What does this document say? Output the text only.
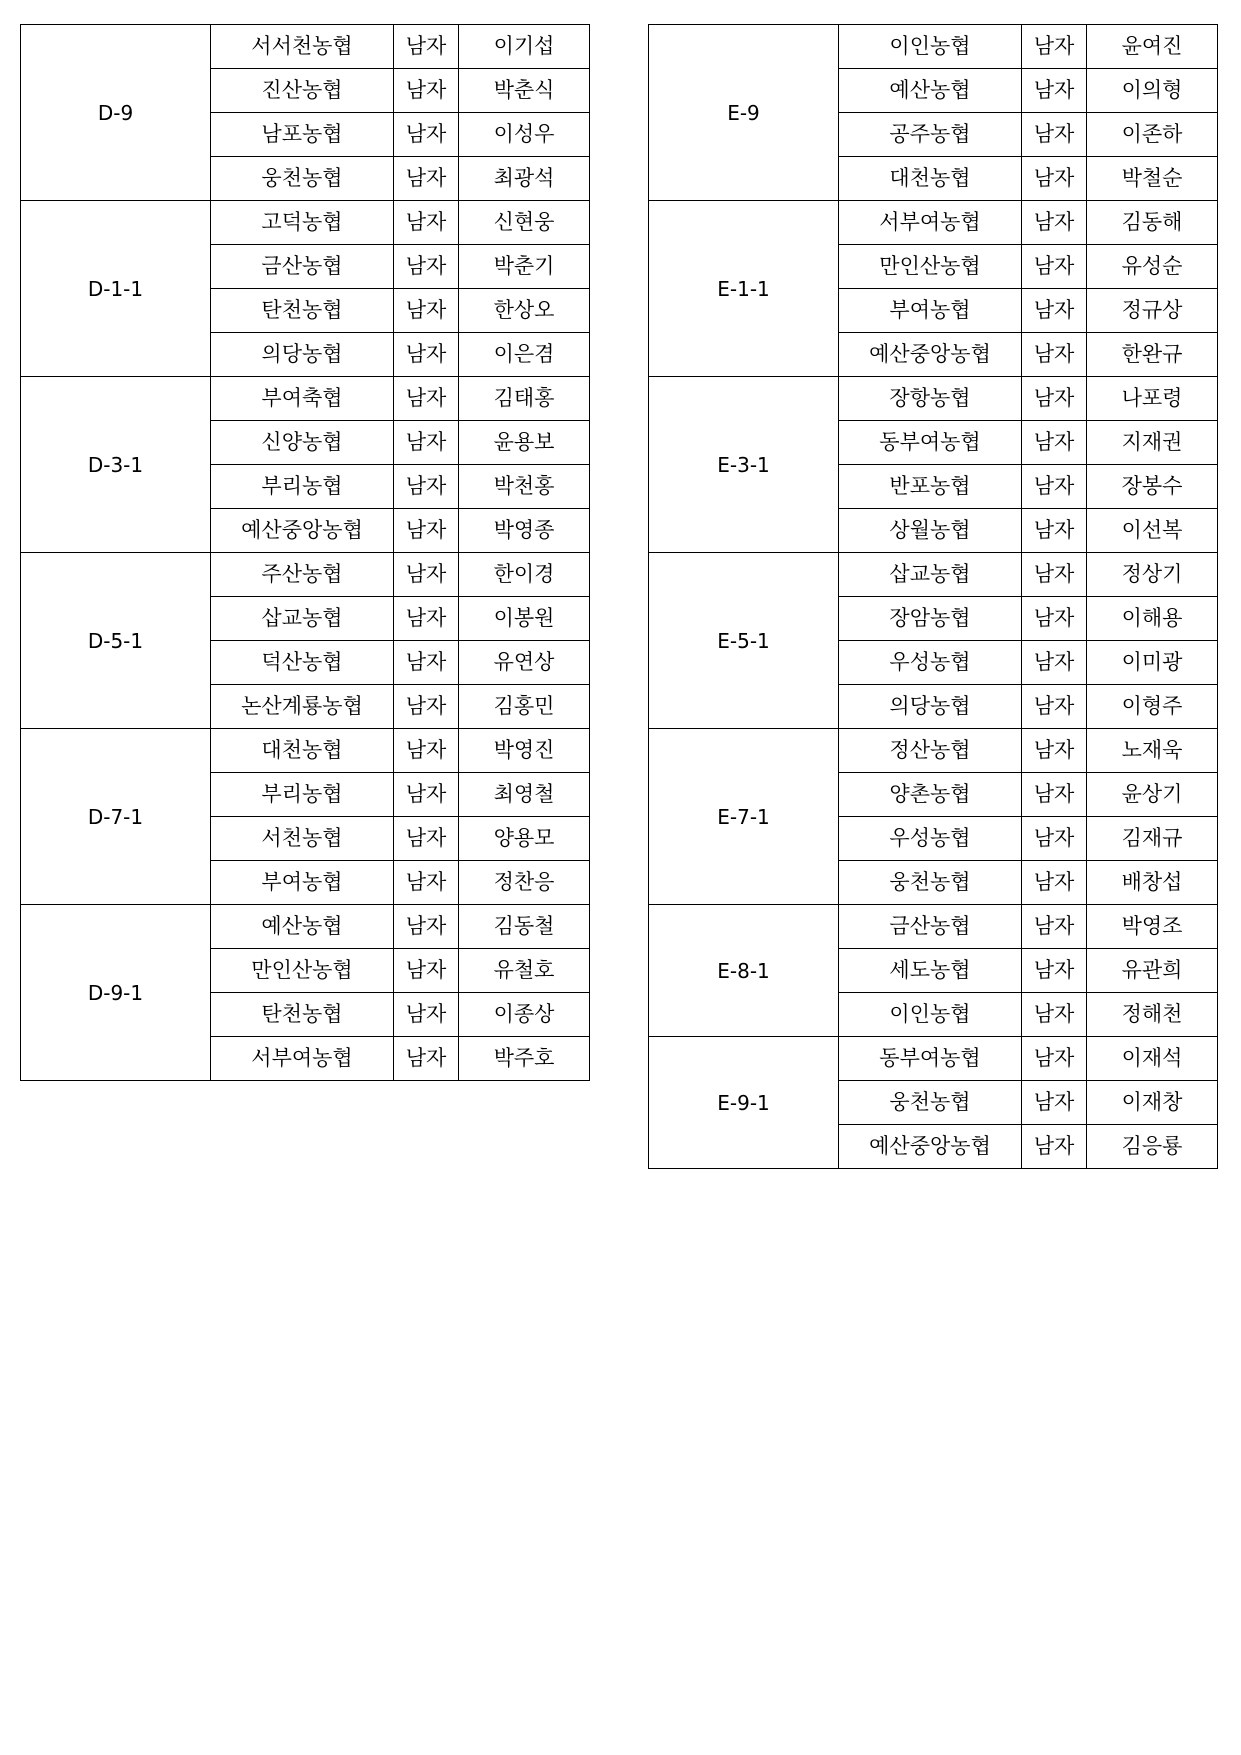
D-9	서서천농협	남자	이기섭
	진산농협	남자	박춘식
	남포농협	남자	이성우
	웅천농협	남자	최광석
D-1-1	고덕농협	남자	신현웅
	금산농협	남자	박춘기
	탄천농협	남자	한상오
	의당농협	남자	이은겸
D-3-1	부여축협	남자	김태홍
	신양농협	남자	윤용보
	부리농협	남자	박천홍
	예산중앙농협	남자	박영종
D-5-1	주산농협	남자	한이경
	삽교농협	남자	이봉원
	덕산농협	남자	유연상
	논산계룡농협	남자	김홍민
D-7-1	대천농협	남자	박영진
	부리농협	남자	최영철
	서천농협	남자	양용모
	부여농협	남자	정찬응
D-9-1	예산농협	남자	김동철
	만인산농협	남자	유철호
	탄천농협	남자	이종상
	서부여농협	남자	박주호
E-9	이인농협	남자	윤여진
	예산농협	남자	이의형
	공주농협	남자	이존하
	대천농협	남자	박철순
E-1-1	서부여농협	남자	김동해
	만인산농협	남자	유성순
	부여농협	남자	정규상
	예산중앙농협	남자	한완규
E-3-1	장항농협	남자	나포령
	동부여농협	남자	지재권
	반포농협	남자	장봉수
	상월농협	남자	이선복
E-5-1	삽교농협	남자	정상기
	장암농협	남자	이해용
	우성농협	남자	이미광
	의당농협	남자	이형주
E-7-1	정산농협	남자	노재욱
	양촌농협	남자	윤상기
	우성농협	남자	김재규
	웅천농협	남자	배창섭
E-8-1	금산농협	남자	박영조
	세도농협	남자	유관희
	이인농협	남자	정해천
E-9-1	동부여농협	남자	이재석
	웅천농협	남자	이재창
	예산중앙농협	남자	김응룡
